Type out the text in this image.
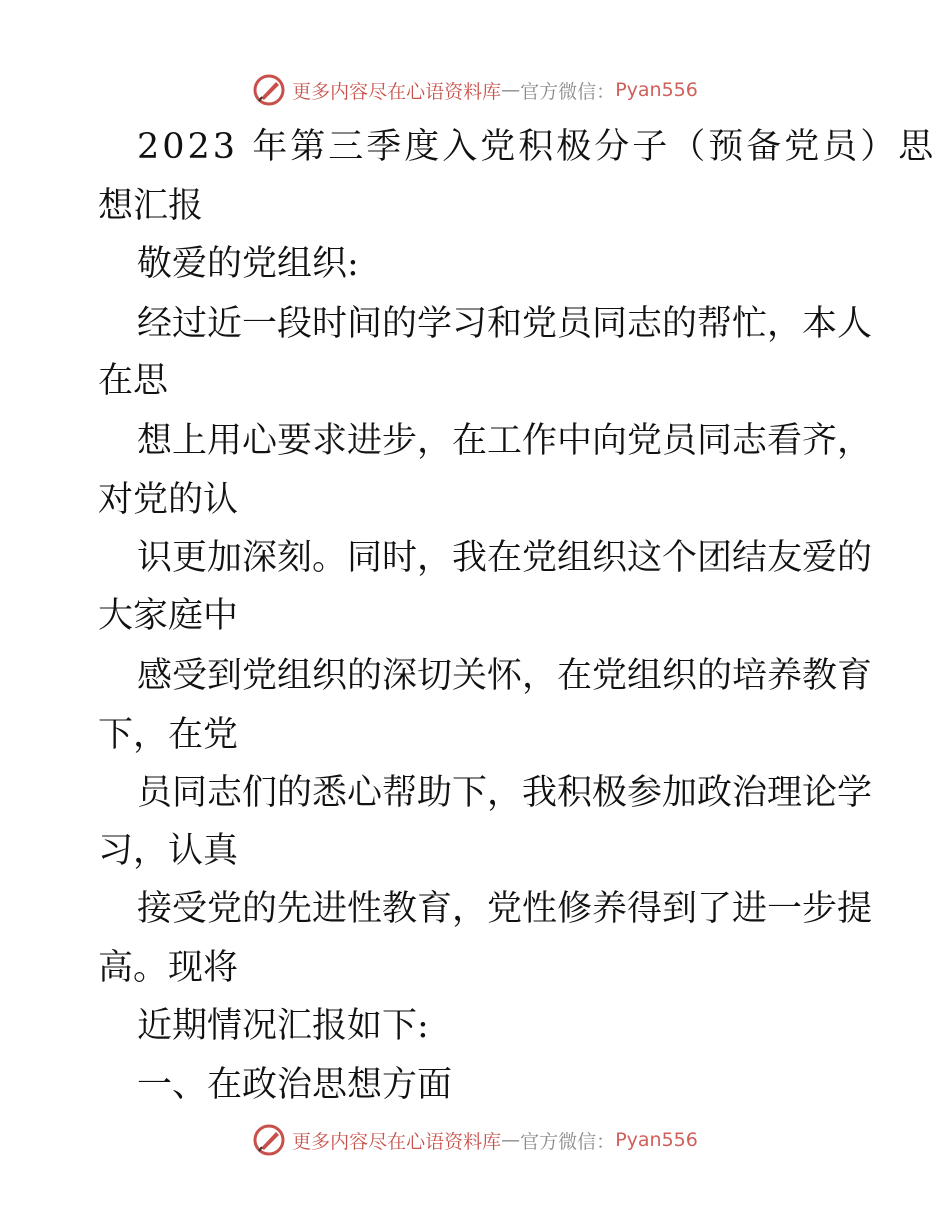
更多内容尽在心语资料库 — 官方微信： Pyan556
2023 年第三季度入党积极分子（预备党员）思
想汇报
敬爱的党组织:
经过近一段时间的学习和党员同志的帮忙，本人
在思
想上用心要求进步，在工作中向党员同志看齐，
对党的认
识更加深刻。同时，我在党组织这个团结友爱的
大家庭中
感受到党组织的深切关怀，在党组织的培养教育
下，在党
员同志们的悉心帮助下，我积极参加政治理论学
习，认真
接受党的先进性教育，党性修养得到了进一步提
高。现将
近期情况汇报如下:
一、在政治思想方面
更多内容尽在心语资料库 — 官方微信： Pyan556
